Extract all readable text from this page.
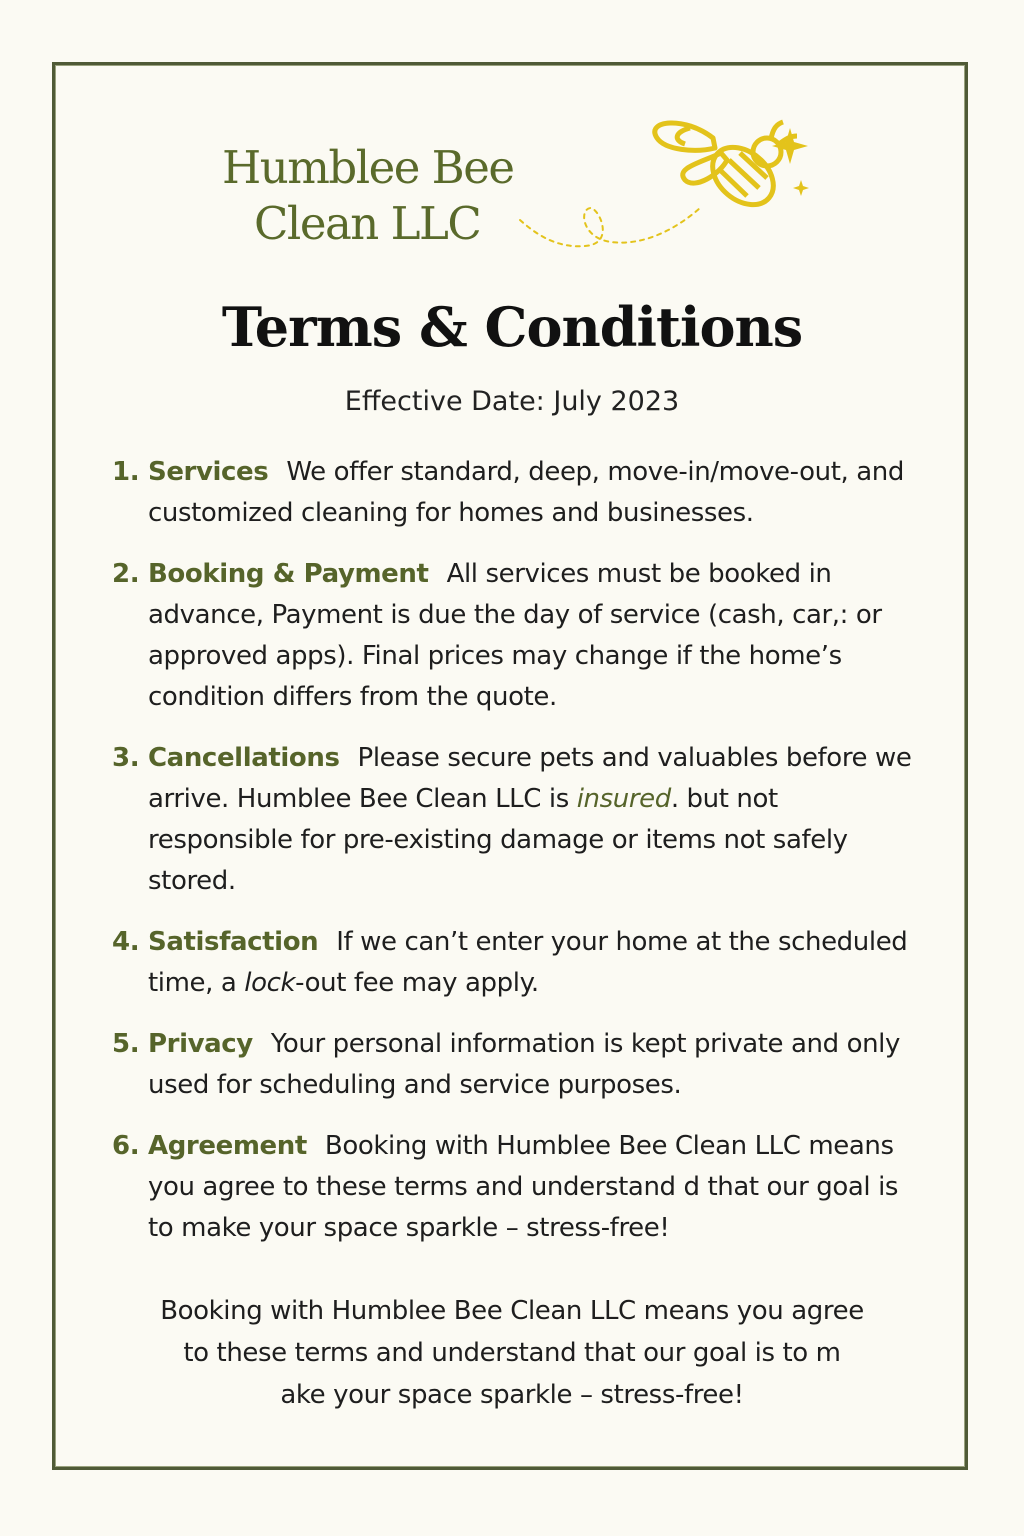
Humblee Bee
Clean LLC
Terms & Conditions
Effective Date: July 2023
1. Services We offer standard, deep, move-in/move-out, and customized cleaning for homes and businesses.
2. Booking & Payment All services must be booked in advance, Payment is due the day of service (cash, car,: or approved apps). Final prices may change if the home’s condition differs from the quote.
3. Cancellations Please secure pets and valuables before we arrive. Humblee Bee Clean LLC is insured. but not responsible for pre-existing damage or items not safely stored.
4. Satisfaction If we can’t enter your home at the scheduled time, a lock-out fee may apply.
5. Privacy Your personal information is kept private and only used for scheduling and service purposes.
6. Agreement Booking with Humblee Bee Clean LLC means you agree to these terms and understand d that our goal is to make your space sparkle – stress-free!
Booking with Humblee Bee Clean LLC means you agree
to these terms and understand that our goal is to m
ake your space sparkle – stress-free!
